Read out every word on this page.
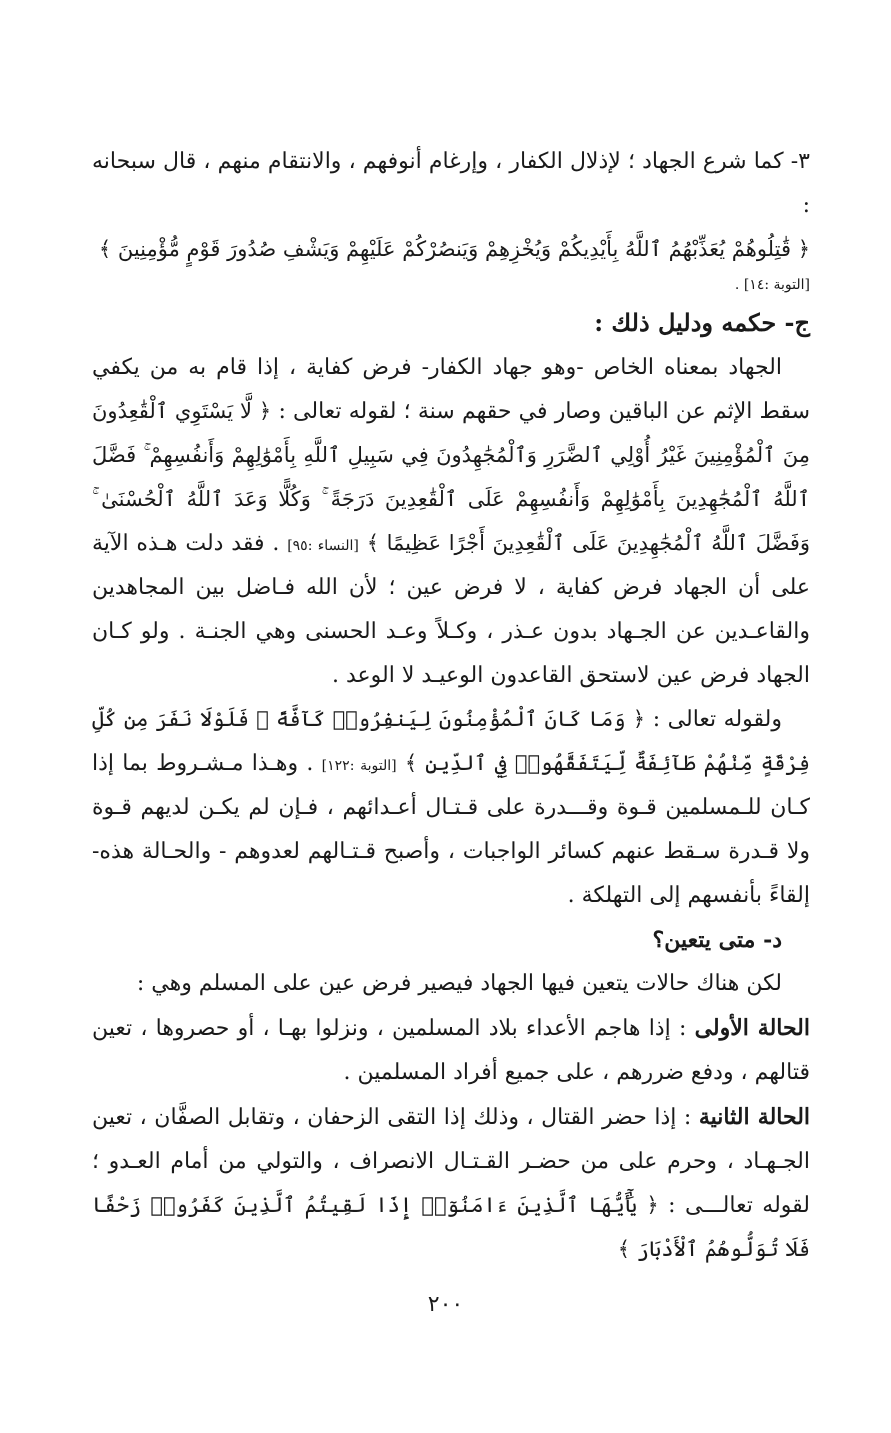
٣- كما شرع الجهاد ؛ لإذلال الكفار ، وإرغام أنوفهم ، والانتقام منهم ، قال سبحانه :

﴿ قَٰتِلُوهُمْ يُعَذِّبْهُمُ ٱللَّهُ بِأَيْدِيكُمْ وَيُخْزِهِمْ وَيَنصُرْكُمْ عَلَيْهِمْ وَيَشْفِ صُدُورَ قَوْمٍ مُّؤْمِنِينَ ﴾

[التوبة :١٤] .

ج- حكمه ودليل ذلك :

الجهاد بمعناه الخاص -وهو جهاد الكفار- فرض كفاية ، إذا قام به من يكفي سقط الإثم عن الباقين وصار في حقهم سنة ؛ لقوله تعالى : ﴿ لَّا يَسْتَوِي ٱلْقَٰعِدُونَ مِنَ ٱلْمُؤْمِنِينَ غَيْرُ أُوْلِي ٱلضَّرَرِ وَٱلْمُجَٰهِدُونَ فِي سَبِيلِ ٱللَّهِ بِأَمْوَٰلِهِمْ وَأَنفُسِهِمْ ۚ فَضَّلَ ٱللَّهُ ٱلْمُجَٰهِدِينَ بِأَمْوَٰلِهِمْ وَأَنفُسِهِمْ عَلَى ٱلْقَٰعِدِينَ دَرَجَةً ۚ وَكُلًّا وَعَدَ ٱللَّهُ ٱلْحُسْنَىٰ ۚ وَفَضَّلَ ٱللَّهُ ٱلْمُجَٰهِدِينَ عَلَى ٱلْقَٰعِدِينَ أَجْرًا عَظِيمًا ﴾ [النساء :٩٥] . فقد دلت هـذه الآية على أن الجهاد فرض كفاية ، لا فرض عين ؛ لأن الله فـاضل بين المجاهدين والقاعـدين عن الجـهاد بدون عـذر ، وكـلاً وعـد الحسنى وهي الجنـة . ولو كـان الجهاد فرض عين لاستحق القاعدون الوعيـد لا الوعد .

ولقوله تعالى : ﴿ وَمَا كَانَ ٱلْمُؤْمِنُونَ لِيَنفِرُوا۟ كَآفَّةً ۚ فَلَوْلَا نَفَرَ مِن كُلِّ فِرْقَةٍ مِّنْهُمْ طَآئِفَةٌ لِّيَتَفَقَّهُوا۟ فِي ٱلدِّينِ ﴾ [التوبة :١٢٢] . وهـذا مـشـروط بما إذا كـان للـمسلمين قـوة وقـــدرة على قـتـال أعـدائهم ، فـإن لم يكـن لديهم قـوة ولا قـدرة سـقط عنهم كسائر الواجبات ، وأصبح قـتـالهم لعدوهم - والحـالة هذه- إلقاءً بأنفسهم إلى التهلكة .

د- متى يتعين؟

لكن هناك حالات يتعين فيها الجهاد فيصير فرض عين على المسلم وهي :

الحالة الأولى : إذا هاجم الأعداء بلاد المسلمين ، ونزلوا بهـا ، أو حصروها ، تعين قتالهم ، ودفع ضررهم ، على جميع أفراد المسلمين .

الحالة الثانية : إذا حضر القتال ، وذلك إذا التقى الزحفان ، وتقابل الصفَّان ، تعين الجـهـاد ، وحرم على من حضـر القـتـال الانصراف ، والتولي من أمام العـدو ؛ لقوله تعالـــى : ﴿ يَٰٓأَيُّهَا ٱلَّذِينَ ءَامَنُوٓا۟ إِذَا لَقِيتُمُ ٱلَّذِينَ كَفَرُوا۟ زَحْفًا فَلَا تُوَلُّوهُمُ ٱلْأَدْبَارَ ﴾

٢٠٠
